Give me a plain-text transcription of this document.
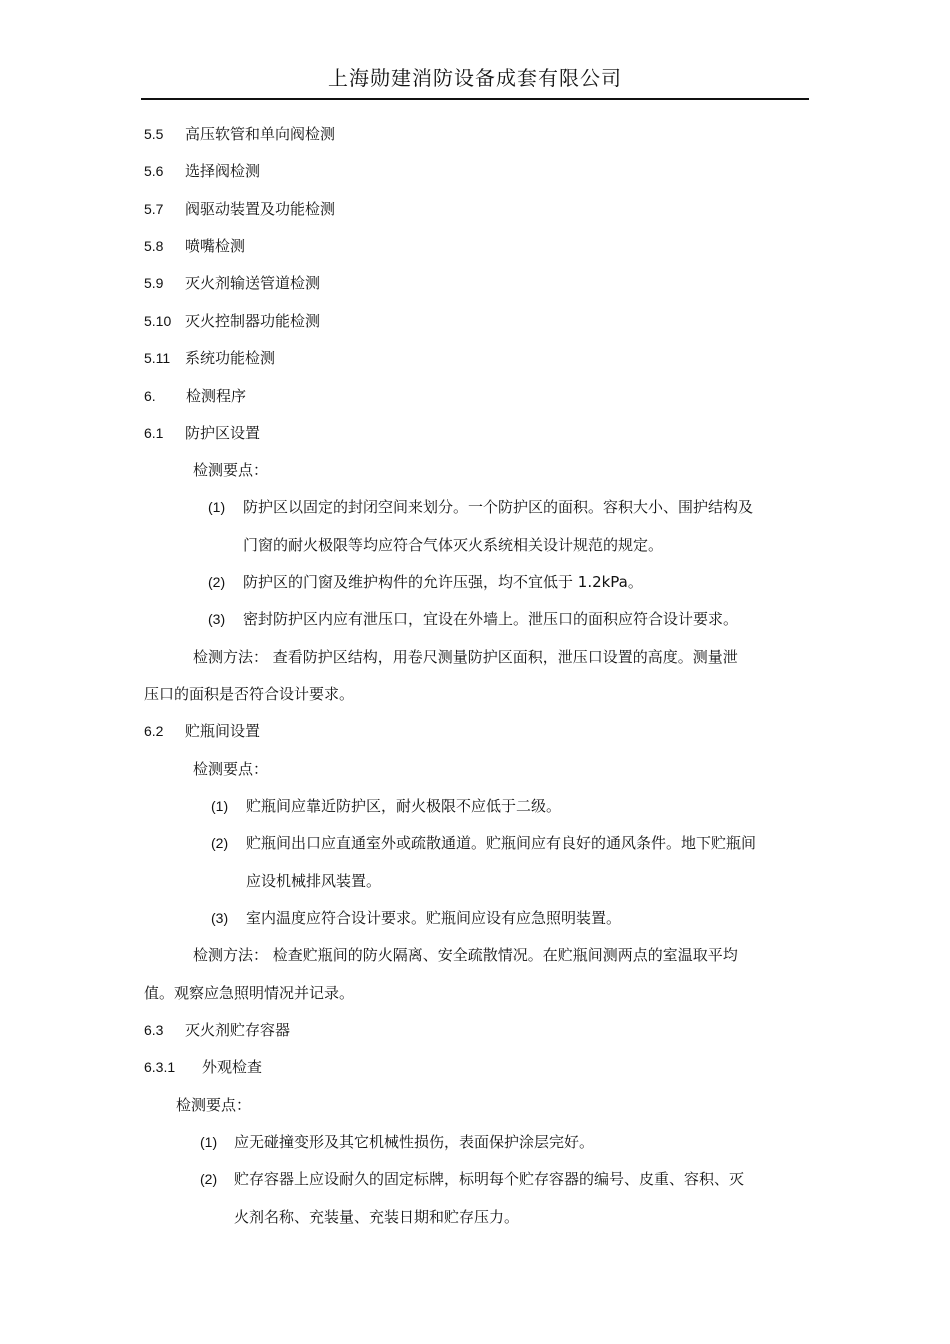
上海勋建消防设备成套有限公司
5.5 高压软管和单向阀检测
5.6 选择阀检测
5.7 阀驱动装置及功能检测
5.8 喷嘴检测
5.9 灭火剂输送管道检测
5.10 灭火控制器功能检测
5.11 系统功能检测
6. 检测程序
6.1 防护区设置
检测要点：
(1) 防护区以固定的封闭空间来划分。一个防护区的面积。容积大小、围护结构及
门窗的耐火极限等均应符合气体灭火系统相关设计规范的规定。
(2) 防护区的门窗及维护构件的允许压强，均不宜低于 1.2kPa。
(3) 密封防护区内应有泄压口，宜设在外墙上。泄压口的面积应符合设计要求。
检测方法： 查看防护区结构，用卷尺测量防护区面积，泄压口设置的高度。测量泄
压口的面积是否符合设计要求。
6.2 贮瓶间设置
检测要点：
(1) 贮瓶间应靠近防护区，耐火极限不应低于二级。
(2) 贮瓶间出口应直通室外或疏散通道。贮瓶间应有良好的通风条件。地下贮瓶间
应设机械排风装置。
(3) 室内温度应符合设计要求。贮瓶间应设有应急照明装置。
检测方法： 检查贮瓶间的防火隔离、安全疏散情况。在贮瓶间测两点的室温取平均
值。观察应急照明情况并记录。
6.3 灭火剂贮存容器
6.3.1 外观检查
检测要点：
(1) 应无碰撞变形及其它机械性损伤，表面保护涂层完好。
(2) 贮存容器上应设耐久的固定标牌，标明每个贮存容器的编号、皮重、容积、灭
火剂名称、充装量、充装日期和贮存压力。
